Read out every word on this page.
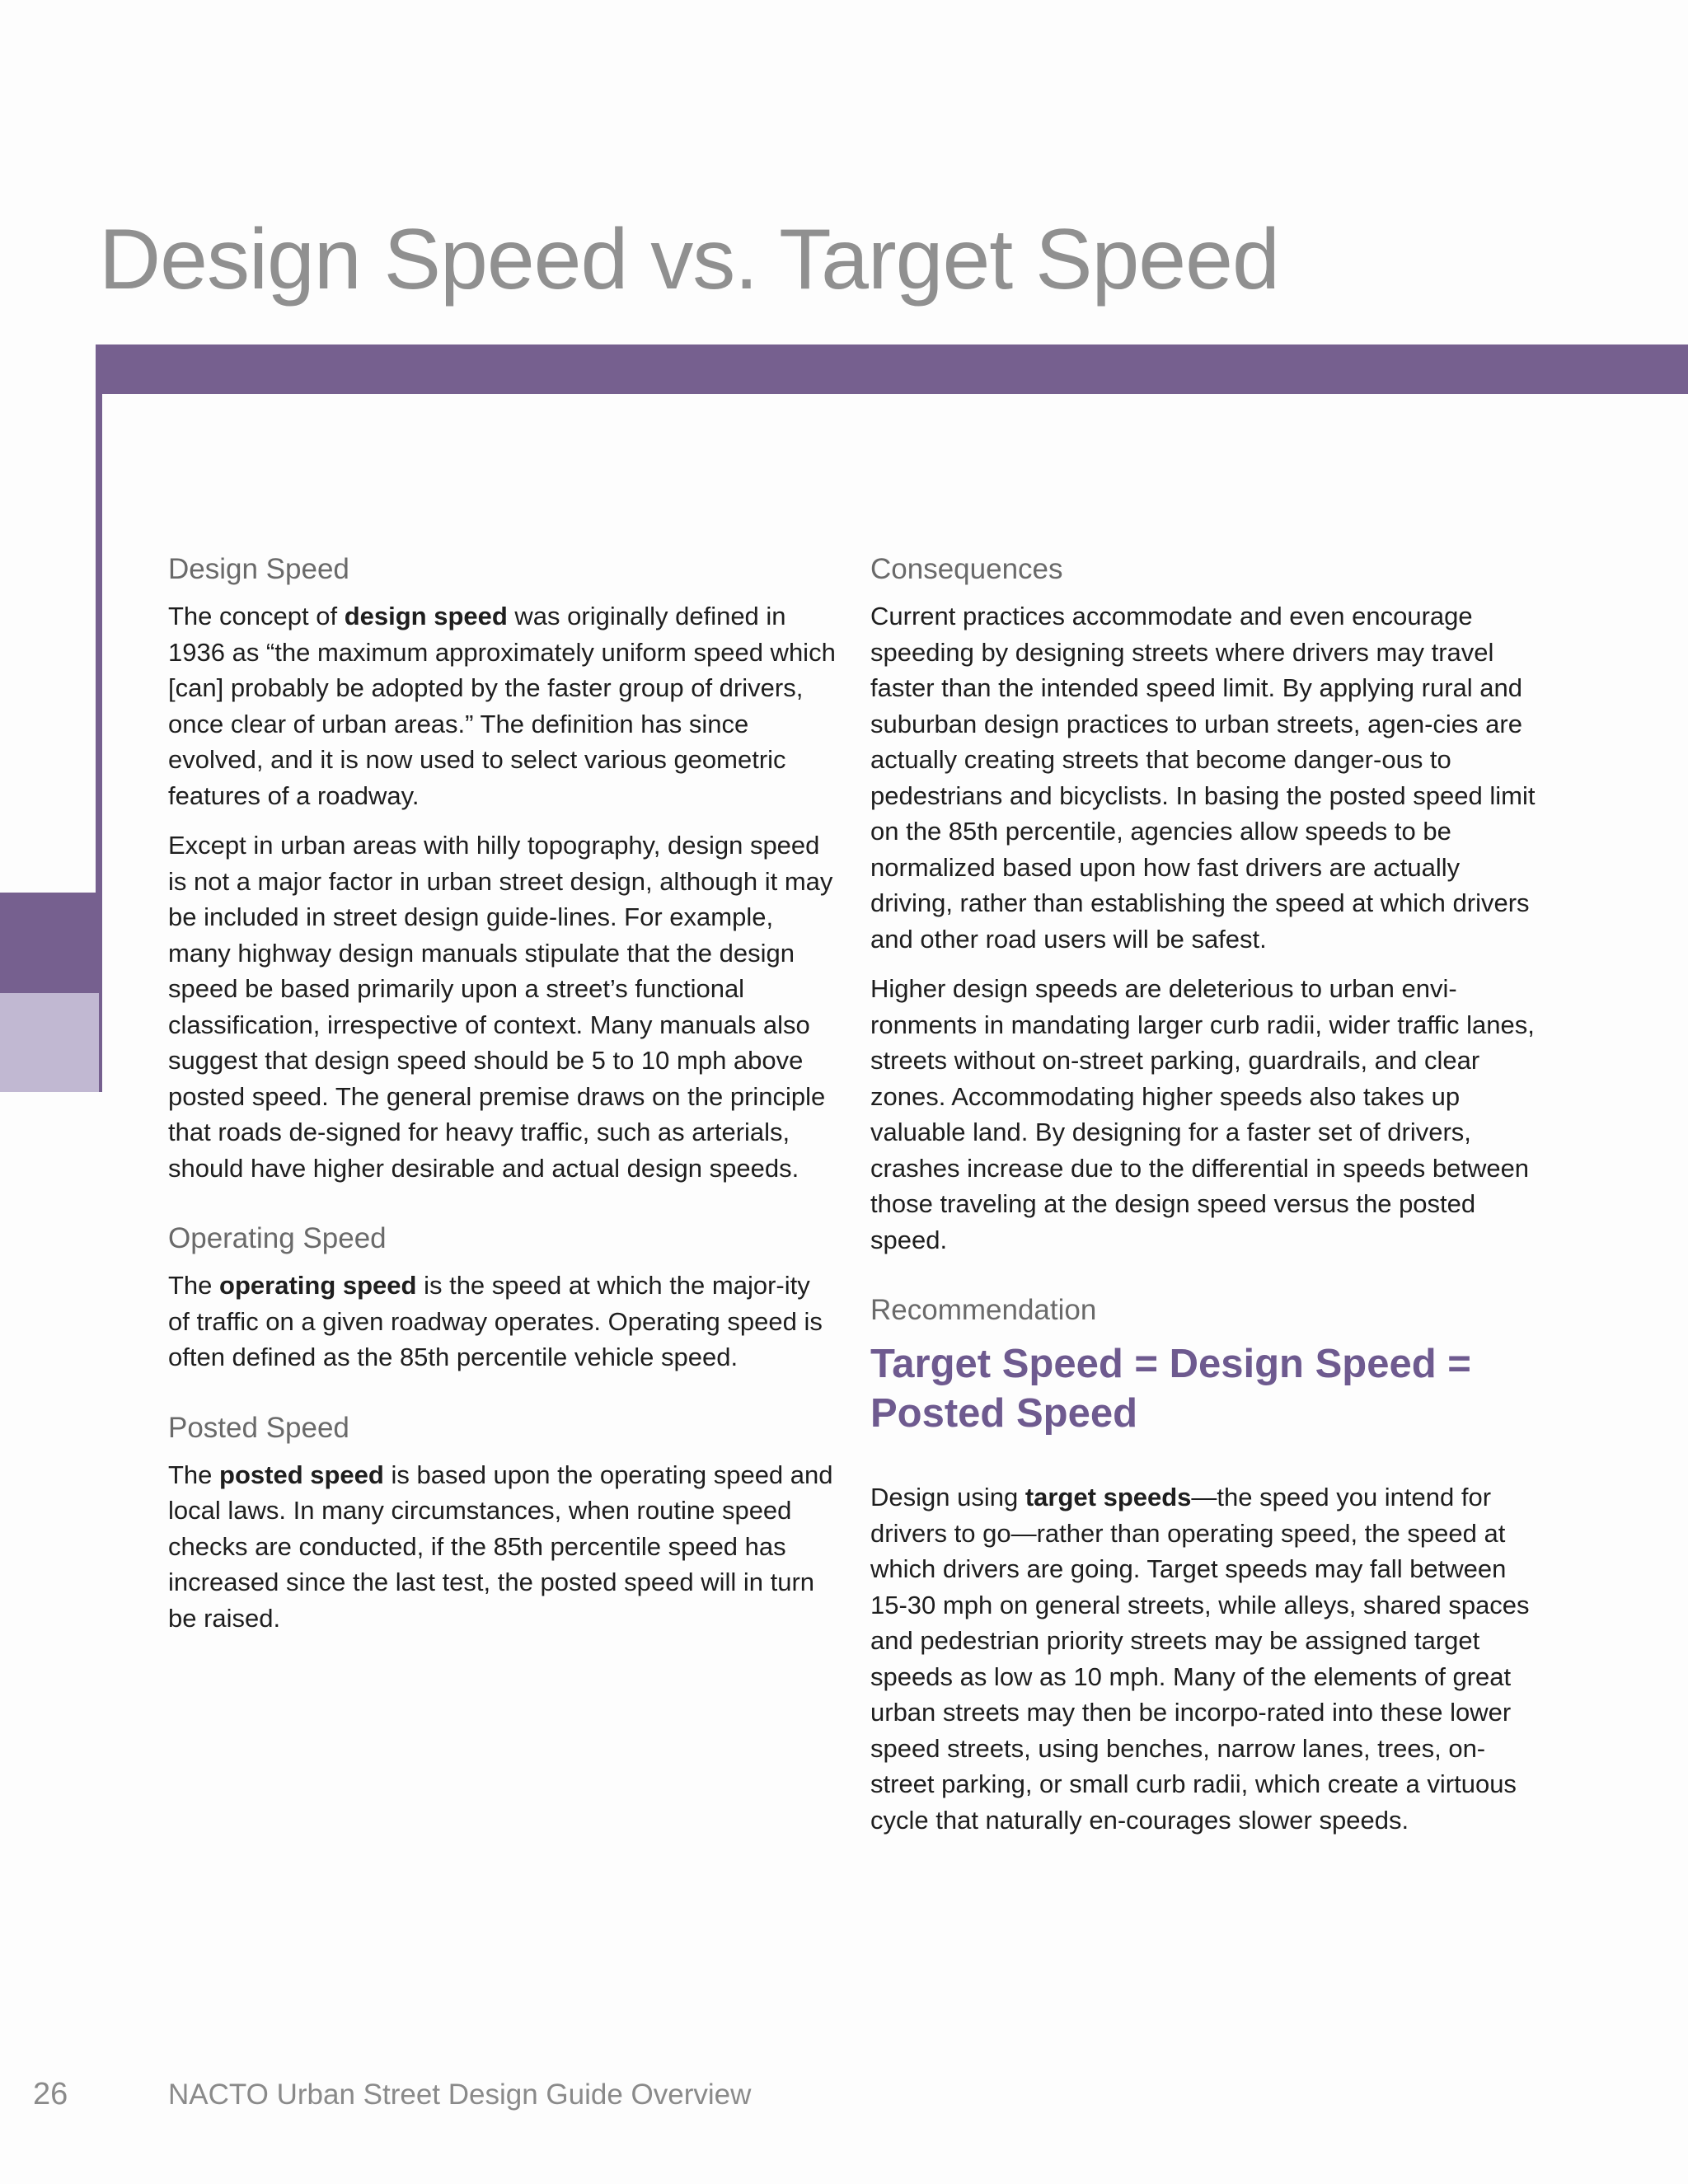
Design Speed vs. Target Speed
Design Speed

The concept of design speed was originally defined in 1936 as “the maximum approximately uniform speed which [can] probably be adopted by the faster group of drivers, once clear of urban areas.” The definition has since evolved, and it is now used to select various geometric features of a roadway.

Except in urban areas with hilly topography, design speed is not a major factor in urban street design, although it may be included in street design guide-lines. For example, many highway design manuals stipulate that the design speed be based primarily upon a street’s functional classification, irrespective of context. Many manuals also suggest that design speed should be 5 to 10 mph above posted speed. The general premise draws on the principle that roads de-signed for heavy traffic, such as arterials, should have higher desirable and actual design speeds.

Operating Speed

The operating speed is the speed at which the major-ity of traffic on a given roadway operates. Operating speed is often defined as the 85th percentile vehicle speed.

Posted Speed

The posted speed is based upon the operating speed and local laws. In many circumstances, when routine speed checks are conducted, if the 85th percentile speed has increased since the last test, the posted speed will in turn be raised.

Consequences

Current practices accommodate and even encourage speeding by designing streets where drivers may travel faster than the intended speed limit. By applying rural and suburban design practices to urban streets, agen-cies are actually creating streets that become danger-ous to pedestrians and bicyclists. In basing the posted speed limit on the 85th percentile, agencies allow speeds to be normalized based upon how fast drivers are actually driving, rather than establishing the speed at which drivers and other road users will be safest.

Higher design speeds are deleterious to urban envi-ronments in mandating larger curb radii, wider traffic lanes, streets without on-street parking, guardrails, and clear zones. Accommodating higher speeds also takes up valuable land. By designing for a faster set of drivers, crashes increase due to the differential in speeds between those traveling at the design speed versus the posted speed.

Recommendation
Target Speed = Design Speed = Posted Speed

Design using target speeds—the speed you intend for drivers to go—rather than operating speed, the speed at which drivers are going. Target speeds may fall between 15-30 mph on general streets, while alleys, shared spaces and pedestrian priority streets may be assigned target speeds as low as 10 mph. Many of the elements of great urban streets may then be incorpo-rated into these lower speed streets, using benches, narrow lanes, trees, on-street parking, or small curb radii, which create a virtuous cycle that naturally en-courages slower speeds.

26	NACTO Urban Street Design Guide Overview
